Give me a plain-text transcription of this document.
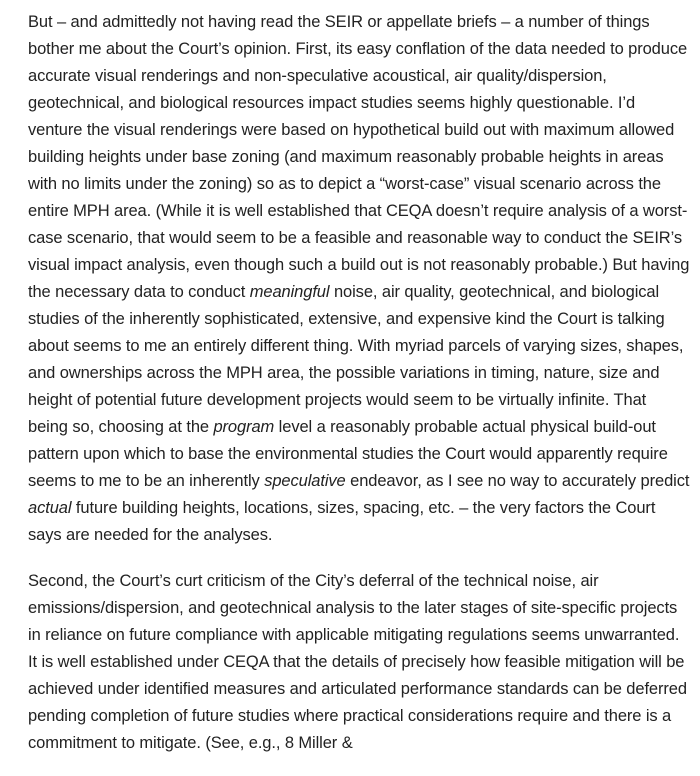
But – and admittedly not having read the SEIR or appellate briefs – a number of things bother me about the Court’s opinion. First, its easy conflation of the data needed to produce accurate visual renderings and non-speculative acoustical, air quality/dispersion, geotechnical, and biological resources impact studies seems highly questionable. I’d venture the visual renderings were based on hypothetical build out with maximum allowed building heights under base zoning (and maximum reasonably probable heights in areas with no limits under the zoning) so as to depict a “worst-case” visual scenario across the entire MPH area. (While it is well established that CEQA doesn’t require analysis of a worst-case scenario, that would seem to be a feasible and reasonable way to conduct the SEIR’s visual impact analysis, even though such a build out is not reasonably probable.) But having the necessary data to conduct meaningful noise, air quality, geotechnical, and biological studies of the inherently sophisticated, extensive, and expensive kind the Court is talking about seems to me an entirely different thing. With myriad parcels of varying sizes, shapes, and ownerships across the MPH area, the possible variations in timing, nature, size and height of potential future development projects would seem to be virtually infinite. That being so, choosing at the program level a reasonably probable actual physical build-out pattern upon which to base the environmental studies the Court would apparently require seems to me to be an inherently speculative endeavor, as I see no way to accurately predict actual future building heights, locations, sizes, spacing, etc. – the very factors the Court says are needed for the analyses.

Second, the Court’s curt criticism of the City’s deferral of the technical noise, air emissions/dispersion, and geotechnical analysis to the later stages of site-specific projects in reliance on future compliance with applicable mitigating regulations seems unwarranted. It is well established under CEQA that the details of precisely how feasible mitigation will be achieved under identified measures and articulated performance standards can be deferred pending completion of future studies where practical considerations require and there is a commitment to mitigate. (See, e.g., 8 Miller &
